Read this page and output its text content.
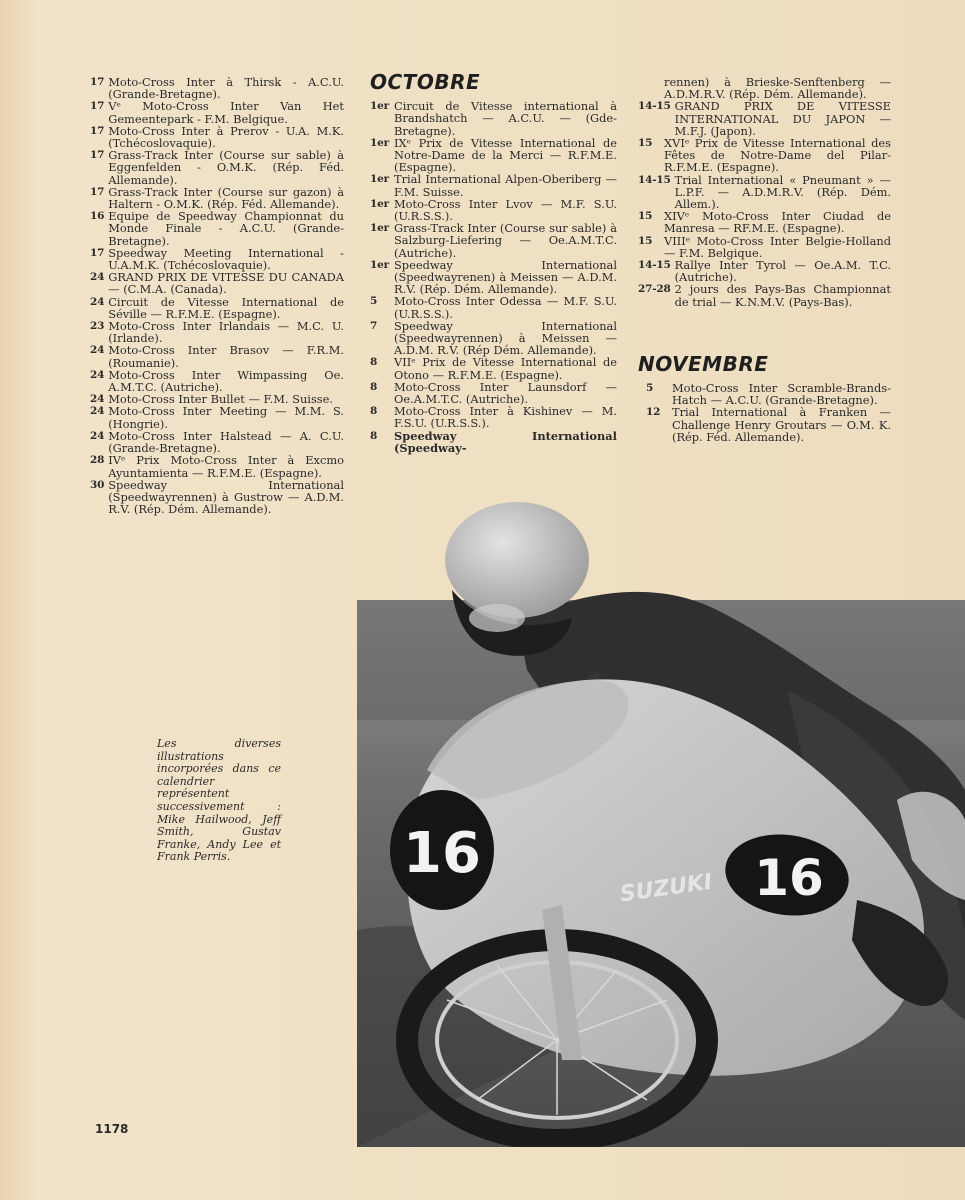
17 Moto-Cross Inter à Thirsk - A.C.U. (Grande-Bretagne).
17 Vᵉ Moto-Cross Inter Van Het Gemeentepark - F.M. Belgique.
17 Moto-Cross Inter à Prerov - U.A. M.K. (Tchécoslovaquie).
17 Grass-Track Inter (Course sur sable) à Eggenfelden - O.M.K. (Rép. Féd. Allemande).
17 Grass-Track Inter (Course sur gazon) à Haltern - O.M.K. (Rép. Féd. Allemande).
16 Equipe de Speedway Championnat du Monde Finale - A.C.U. (Grande-Bretagne).
17 Speedway Meeting International - U.A.M.K. (Tchécoslovaquie).
24 GRAND PRIX DE VITESSE DU CANADA — (C.M.A. (Canada).
24 Circuit de Vitesse International de Séville — R.F.M.E. (Espagne).
23 Moto-Cross Inter Irlandais — M.C. U. (Irlande).
24 Moto-Cross Inter Brasov — F.R.M. (Roumanie).
24 Moto-Cross Inter Wimpassing Oe. A.M.T.C. (Autriche).
24 Moto-Cross Inter Bullet — F.M. Suisse.
24 Moto-Cross Inter Meeting — M.M. S. (Hongrie).
24 Moto-Cross Inter Halstead — A. C.U. (Grande-Bretagne).
28 IVᵉ Prix Moto-Cross Inter à Excmo Ayuntamienta — R.F.M.E. (Espagne).
30 Speedway International (Speedwayrennen) à Gustrow — A.D.M. R.V. (Rép. Dém. Allemande).
OCTOBRE
1er Circuit de Vitesse international à Brandshatch — A.C.U. — (Gde-Bretagne).
1er IXᵉ Prix de Vitesse International de Notre-Dame de la Merci — R.F.M.E. (Espagne).
1er Trial International Alpen-Oberiberg — F.M. Suisse.
1er Moto-Cross Inter Lvov — M.F. S.U. (U.R.S.S.).
1er Grass-Track Inter (Course sur sable) à Salzburg-Liefering — Oe.A.M.T.C. (Autriche).
1er Speedway International (Speedwayrenen) à Meissen — A.D.M. R.V. (Rép. Dém. Allemande).
5	Moto-Cross Inter Odessa — M.F. S.U. (U.R.S.S.).
7	Speedway International (Speedwayrennen) à Meissen — A.D.M. R.V. (Rép Dém. Allemande).
8	VIIᵉ Prix de Vitesse International de Otono — R.F.M.E. (Espagne).
8	Moto-Cross Inter Launsdorf — Oe.A.M.T.C. (Autriche).
8	Moto-Cross Inter à Kishinev — M. F.S.U. (U.R.S.S.).
8	Speedway International (Speedway-
rennen) à Brieske-Senftenberg — A.D.M.R.V. (Rép. Dém. Allemande).
14-15 GRAND PRIX DE VITESSE INTERNATIONAL DU JAPON — M.F.J. (Japon).
15	XVIᵉ Prix de Vitesse International des Fêtes de Notre-Dame del Pilar- R.F.M.E. (Espagne).
14-15 Trial International « Pneumant » — L.P.F. — A.D.M.R.V. (Rép. Dém. Allem.).
15	XIVᵉ Moto-Cross Inter Ciudad de Manresa — RF.M.E. (Espagne).
15	VIIIᵉ Moto-Cross Inter Belgie-Holland — F.M. Belgique.
14-15 Rallye Inter Tyrol — Oe.A.M. T.C. (Autriche).
27-28 2 jours des Pays-Bas Championnat de trial — K.N.M.V. (Pays-Bas).
NOVEMBRE
5	Moto-Cross Inter Scramble-Brands-Hatch — A.C.U. (Grande-Bretagne).
12	Trial International à Franken — Challenge Henry Groutars — O.M. K. (Rép. Féd. Allemande).
Les diverses illustrations incorporées dans ce calendrier représentent successivement : Mike Hailwood, Jeff Smith, Gustav Franke, Andy Lee et Frank Perris.
1178
16	16
SUZUKI
